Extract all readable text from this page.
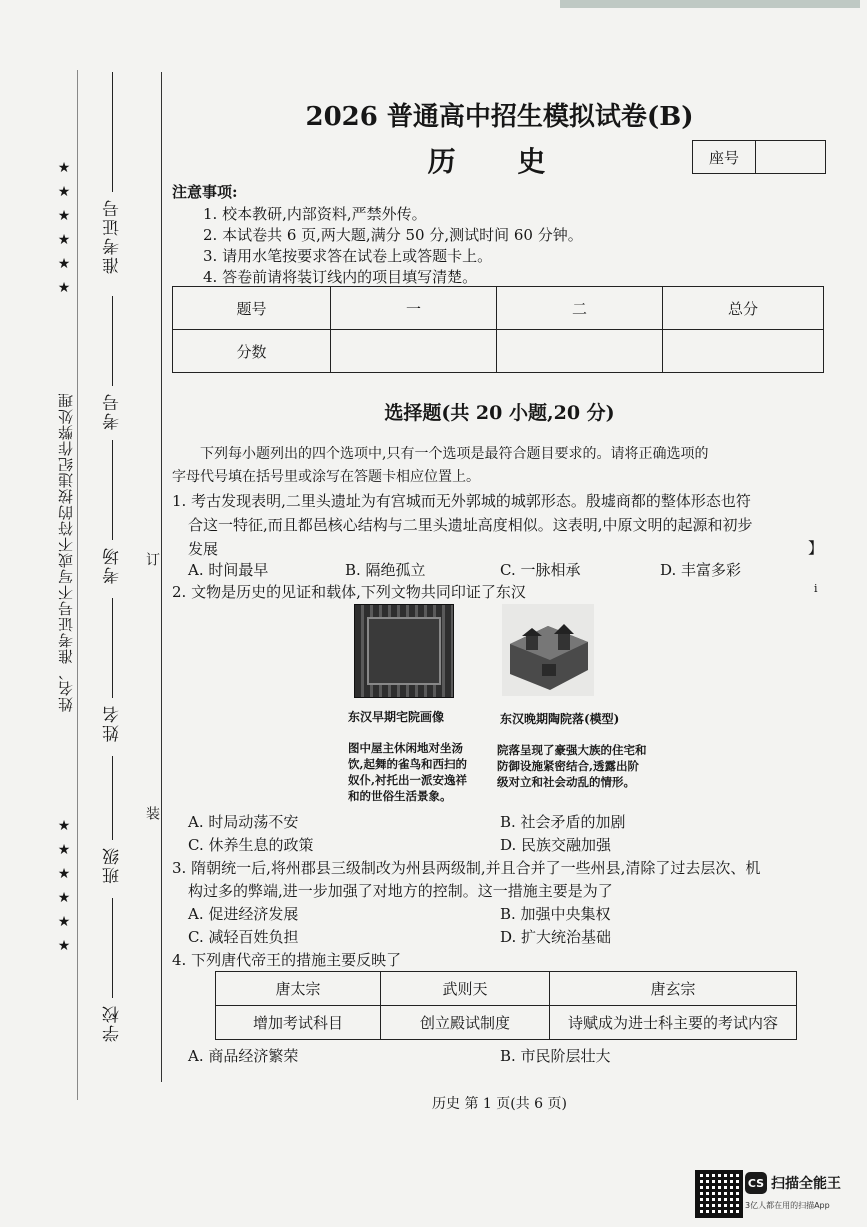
★★★★★★
★★★★★★
姓名、准考证号不写或不符的按违纪作弊处理
准考证号
考号
考场
姓名
班级
学校
订
装
2026 普通高中招生模拟试卷(B)
历 史	座号
注意事项:
1. 校本教研,内部资料,严禁外传。
2. 本试卷共 6 页,两大题,满分 50 分,测试时间 60 分钟。
3. 请用水笔按要求答在试卷上或答题卡上。
4. 答卷前请将装订线内的项目填写清楚。
题号	一	二	总分
分数			
选择题(共 20 小题,20 分)
下列每小题列出的四个选项中,只有一个选项是最符合题目要求的。请将正确选项的
字母代号填在括号里或涂写在答题卡相应位置上。
1. 考古发现表明,二里头遗址为有宫城而无外郭城的城郭形态。殷墟商都的整体形态也符
合这一特征,而且都邑核心结构与二里头遗址高度相似。这表明,中原文明的起源和初步
发展	】
A. 时间最早	B. 隔绝孤立	C. 一脉相承	D. 丰富多彩
2. 文物是历史的见证和载体,下列文物共同印证了东汉	i
东汉早期宅院画像	东汉晚期陶院落(模型)
图中屋主休闲地对坐汤
饮,起舞的雀鸟和西扫的
奴仆,衬托出一派安逸祥
和的世俗生活景象。
院落呈现了豪强大族的住宅和
防御设施紧密结合,透露出阶
级对立和社会动乱的情形。
A. 时局动荡不安	B. 社会矛盾的加剧
C. 休养生息的政策	D. 民族交融加强
3. 隋朝统一后,将州郡县三级制改为州县两级制,并且合并了一些州县,清除了过去层次、机
构过多的弊端,进一步加强了对地方的控制。这一措施主要是为了
A. 促进经济发展	B. 加强中央集权
C. 减轻百姓负担	D. 扩大统治基础
4. 下列唐代帝王的措施主要反映了
唐太宗	武则天	唐玄宗
增加考试科目	创立殿试制度	诗赋成为进士科主要的考试内容
A. 商品经济繁荣	B. 市民阶层壮大
历史 第 1 页(共 6 页)
CS 扫描全能王
3亿人都在用的扫描App
